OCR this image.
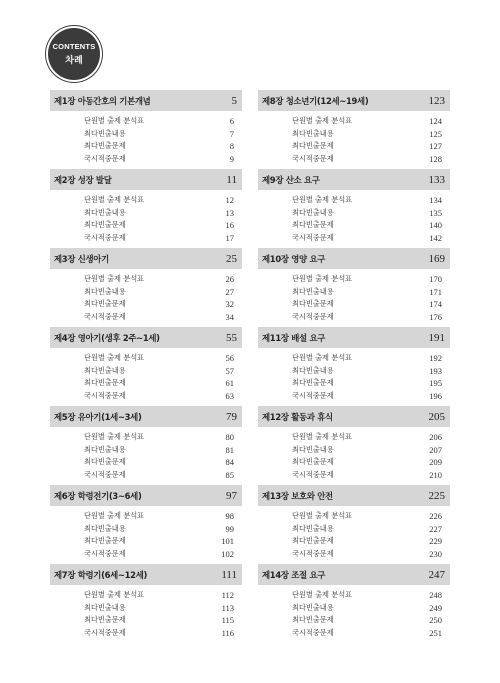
CONTENTS
차례
제1장 아동간호의 기본개념	5
단원별 출제 분석표	6
최다빈출내용	7
최다빈출문제	8
국시적중문제	9
제2장 성장 발달	11
단원별 출제 분석표	12
최다빈출내용	13
최다빈출문제	16
국시적중문제	17
제3장 신생아기	25
단원별 출제 분석표	26
최다빈출내용	27
최다빈출문제	32
국시적중문제	34
제4장 영아기(생후 2주~1세)	55
단원별 출제 분석표	56
최다빈출내용	57
최다빈출문제	61
국시적중문제	63
제5장 유아기(1세~3세)	79
단원별 출제 분석표	80
최다빈출내용	81
최다빈출문제	84
국시적중문제	85
제6장 학령전기(3~6세)	97
단원별 출제 분석표	98
최다빈출내용	99
최다빈출문제	101
국시적중문제	102
제7장 학령기(6세~12세)	111
단원별 출제 분석표	112
최다빈출내용	113
최다빈출문제	115
국시적중문제	116
제8장 청소년기(12세~19세)	123
단원별 출제 분석표	124
최다빈출내용	125
최다빈출문제	127
국시적중문제	128
제9장 산소 요구	133
단원별 출제 분석표	134
최다빈출내용	135
최다빈출문제	140
국시적중문제	142
제10장 영양 요구	169
단원별 출제 분석표	170
최다빈출내용	171
최다빈출문제	174
국시적중문제	176
제11장 배설 요구	191
단원별 출제 분석표	192
최다빈출내용	193
최다빈출문제	195
국시적중문제	196
제12장 활동과 휴식	205
단원별 출제 분석표	206
최다빈출내용	207
최다빈출문제	209
국시적중문제	210
제13장 보호와 안전	225
단원별 출제 분석표	226
최다빈출내용	227
최다빈출문제	229
국시적중문제	230
제14장 조절 요구	247
단원별 출제 분석표	248
최다빈출내용	249
최다빈출문제	250
국시적중문제	251
